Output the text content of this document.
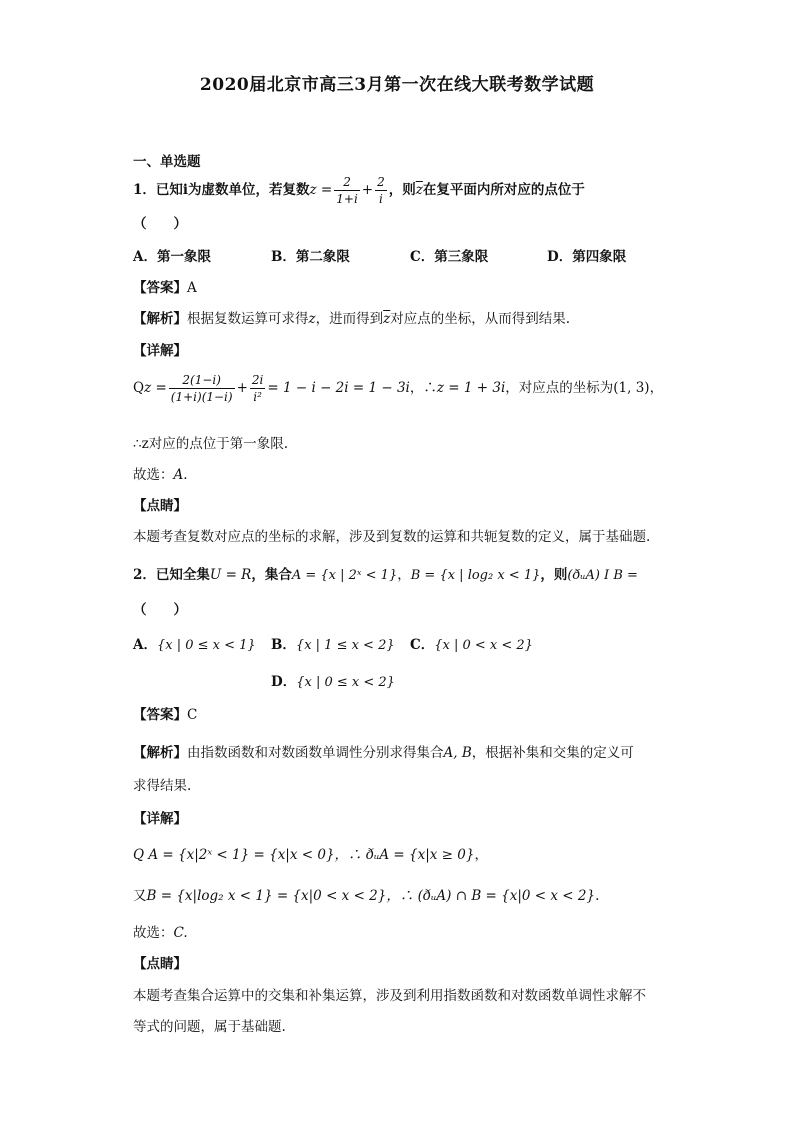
2020届北京市高三3月第一次在线大联考数学试题
一、单选题
1．已知i为虚数单位，若复数$z = \frac{2}{1+i} + \frac{2}{i}$ ，则$\overline{z}$在复平面内所对应的点位于
（　　）
A．第一象限	B．第二象限	C．第三象限	D．第四象限
【答案】A
【解析】根据复数运算可求得z，进而得到$\overline{z}$对应点的坐标，从而得到结果.
【详解】
$Qz = \frac{2(1-i)}{(1+i)(1-i)} + \frac{2i}{\text{i²}} = 1 - i - 2i = 1 - 3i$，∴z = 1 + 3i，对应点的坐标为(1, 3)，
∴z对应的点位于第一象限.
故选：A.
【点睛】
本题考查复数对应点的坐标的求解，涉及到复数的运算和共轭复数的定义，属于基础题.
2．已知全集U = R，集合A = {x | 2ˣ < 1}，B = {x | log₂ x < 1}，则(ðᵤA) I B =
（　　）
A．{x | 0 ≤ x < 1} B．{x | 1 ≤ x < 2} C．{x | 0 < x < 2}
D．{x | 0 ≤ x < 2}
【答案】C
【解析】由指数函数和对数函数单调性分别求得集合A, B，根据补集和交集的定义可
求得结果.
【详解】
Q A = {x|2ˣ < 1} = {x|x < 0}，∴ ðᵤA = {x|x ≥ 0}，
又B = {x|log₂ x < 1} = {x|0 < x < 2}，∴ (ðᵤA) ∩ B = {x|0 < x < 2}.
故选：C.
【点睛】
本题考查集合运算中的交集和补集运算，涉及到利用指数函数和对数函数单调性求解不
等式的问题，属于基础题.
